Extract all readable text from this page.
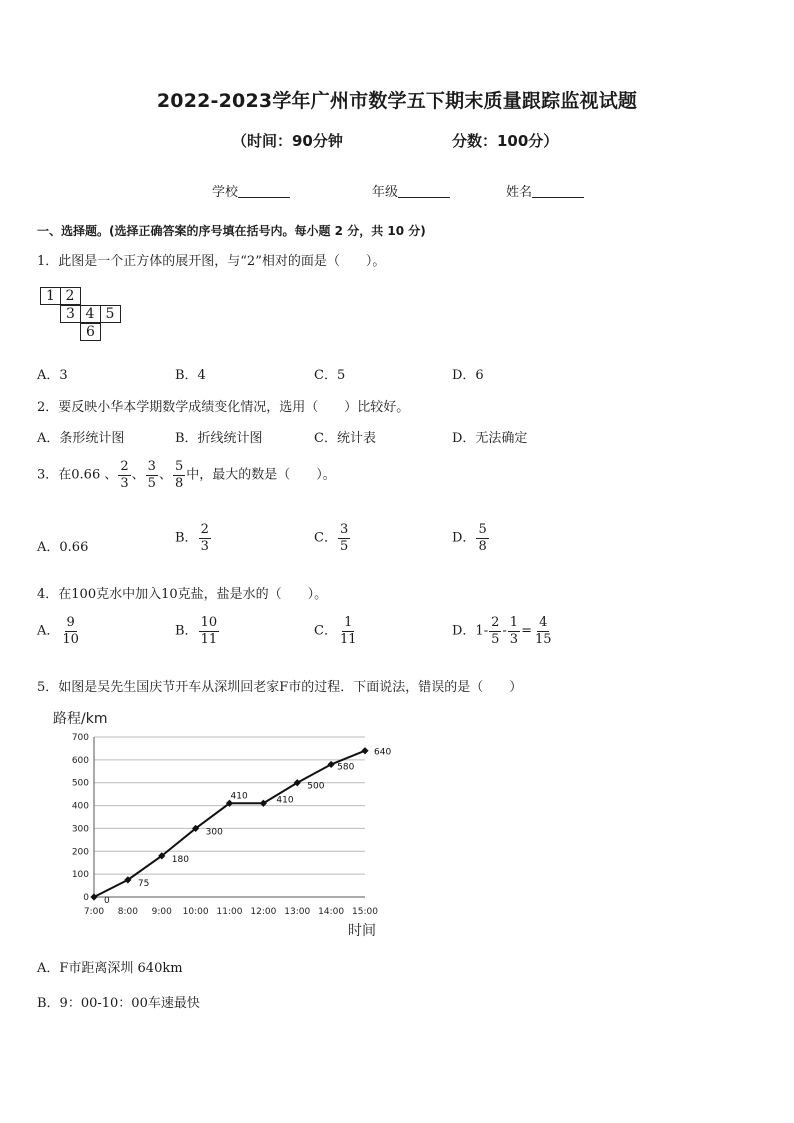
2022-2023学年广州市数学五下期末质量跟踪监视试题
（时间：90分钟	分数：100分）
学校	年级	姓名
一、选择题。(选择正确答案的序号填在括号内。每小题 2 分，共 10 分)
1．此图是一个正方体的展开图，与“2”相对的面是（　　）。
1 2
3 4 5
6
A．3	B．4	C．5	D．6
2．要反映小华本学期数学成绩变化情况，选用（　　）比较好。
A．条形统计图	B．折线统计图	C．统计表	D．无法确定
3．在0.66 、 $\frac{2}{3}$ 、 $\frac{3}{5}$ 、 $\frac{5}{8}$ 中，最大的数是（　　）。
A．0.66
B． $\frac{2}{3}$	C． $\frac{3}{5}$	D． $\frac{5}{8}$
4．在100克水中加入10克盐，盐是水的（　　）。
A． $\frac{9}{10}$	B． $\frac{10}{11}$	C． $\frac{1}{11}$	D．$1- \frac{2}{5} - \frac{1}{3} = \frac{4}{15}$
5．如图是吴先生国庆节开车从深圳回老家F市的过程．下面说法，错误的是（　　）
路程/km
时间
0
100
200
300
400
500
600
700
7:00 8:00 9:00 10:00 11:00 12:00 13:00 14:00 15:00
0
75
180
300
410	410
500
580
640
A．F市距离深圳 640km
B．9：00-10：00车速最快
